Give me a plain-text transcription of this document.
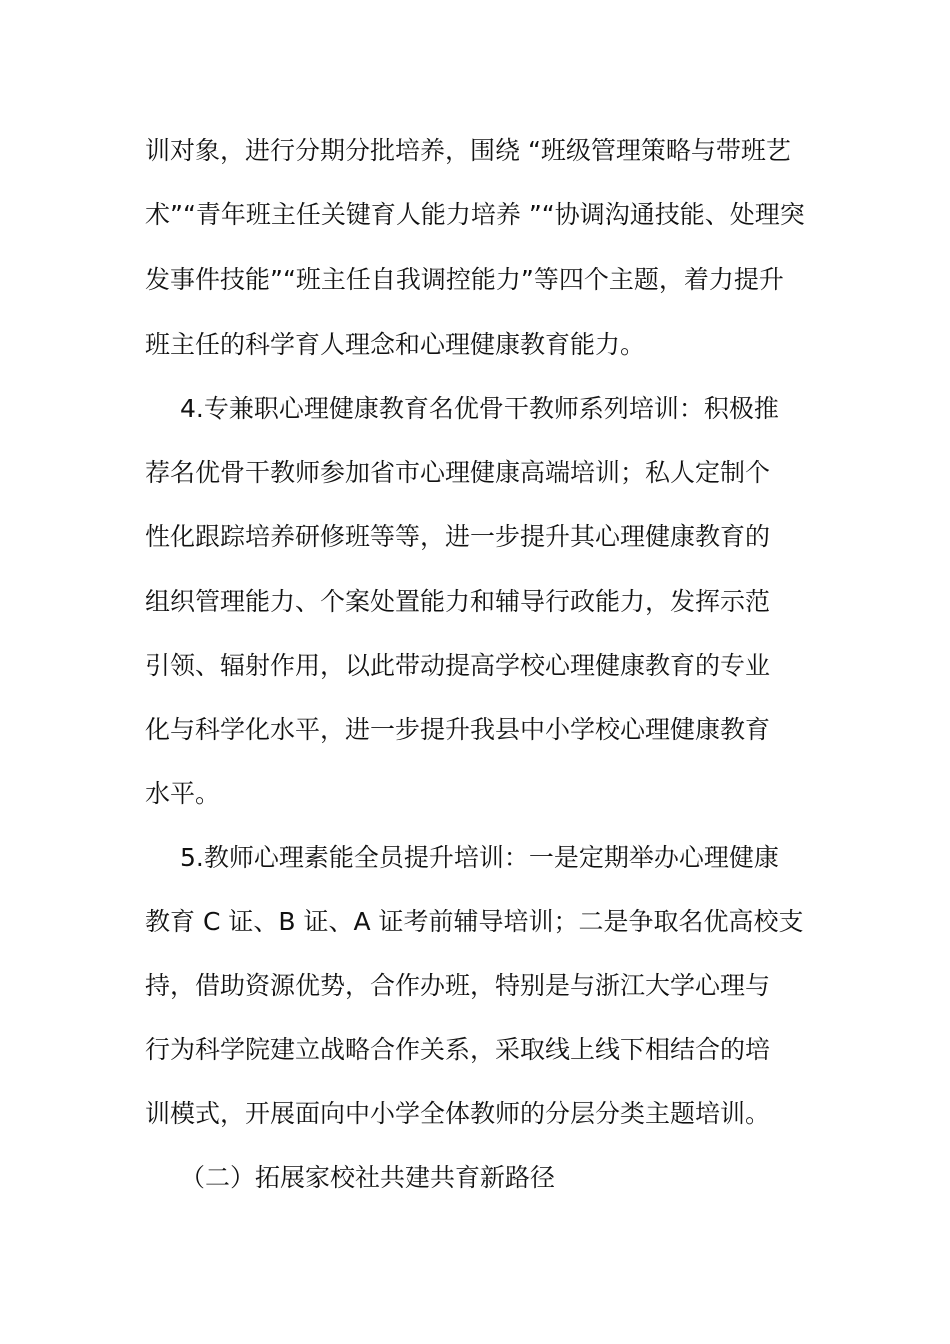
训对象，进行分期分批培养，围绕 “班级管理策略与带班艺
术”“青年班主任关键育人能力培养 ”“协调沟通技能、处理突
发事件技能”“班主任自我调控能力”等四个主题，着力提升
班主任的科学育人理念和心理健康教育能力。
4.专兼职心理健康教育名优骨干教师系列培训：积极推
荐名优骨干教师参加省市心理健康高端培训；私人定制个
性化跟踪培养研修班等等，进一步提升其心理健康教育的
组织管理能力、个案处置能力和辅导行政能力，发挥示范
引领、辐射作用，以此带动提高学校心理健康教育的专业
化与科学化水平，进一步提升我县中小学校心理健康教育
水平。
5.教师心理素能全员提升培训：一是定期举办心理健康
教育 C 证、B 证、A 证考前辅导培训；二是争取名优高校支
持，借助资源优势，合作办班，特别是与浙江大学心理与
行为科学院建立战略合作关系，采取线上线下相结合的培
训模式，开展面向中小学全体教师的分层分类主题培训。
（二）拓展家校社共建共育新路径
